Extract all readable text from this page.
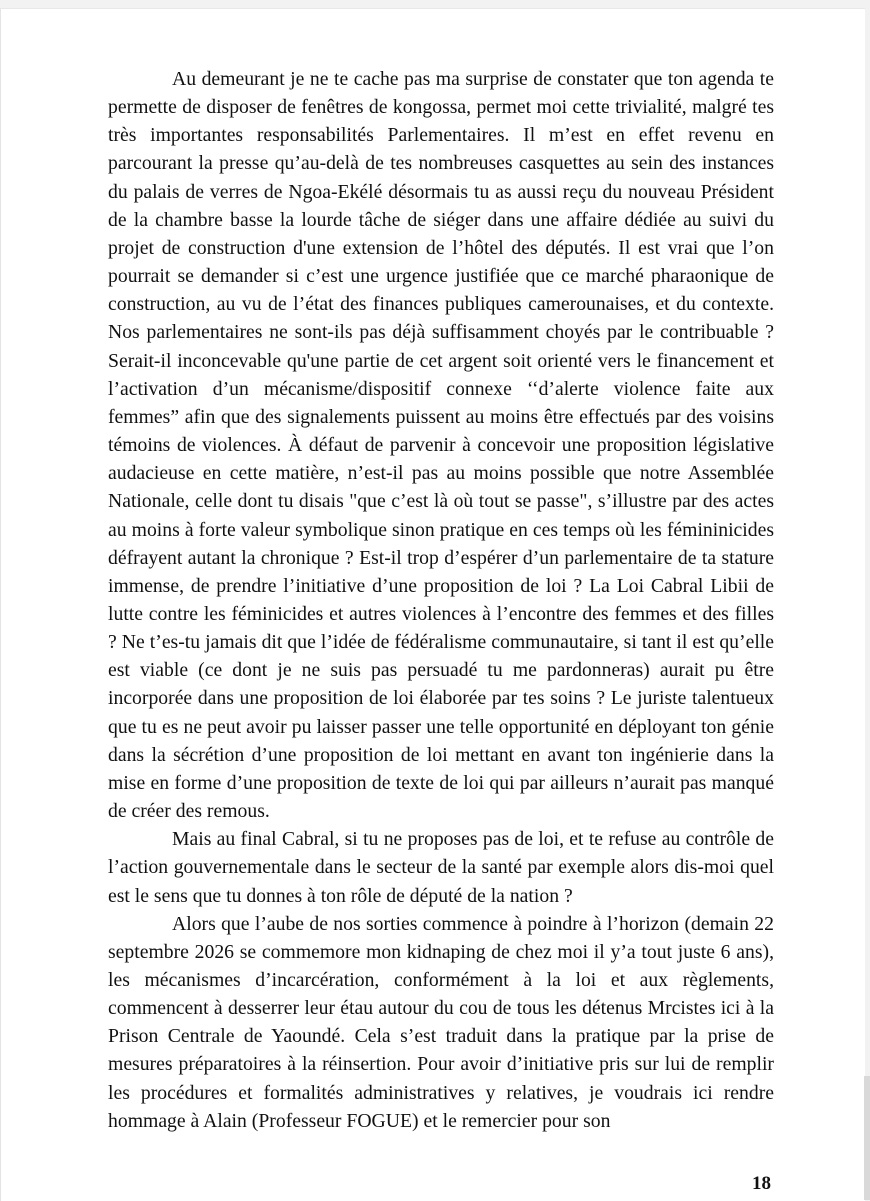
Au demeurant je ne te cache pas ma surprise de constater que ton agenda te permette de disposer de fenêtres de kongossa, permet moi cette trivialité, malgré tes très importantes responsabilités Parlementaires. Il m’est en effet revenu en parcourant la presse qu’au-delà de tes nombreuses casquettes au sein des instances du palais de verres de Ngoa-Ekélé désormais tu as aussi reçu du nouveau Président de la chambre basse la lourde tâche de siéger dans une affaire dédiée au suivi du projet de construction d'une extension de l’hôtel des députés. Il est vrai que l’on pourrait se demander si c’est une urgence justifiée que ce marché pharaonique de construction, au vu de l’état des finances publiques camerounaises, et du contexte. Nos parlementaires ne sont-ils pas déjà suffisamment choyés par le contribuable ? Serait-il inconcevable qu'une partie de cet argent soit orienté vers le financement et l’activation d’un mécanisme/dispositif connexe ‘‘d’alerte violence faite aux femmes” afin que des signalements puissent au moins être effectués par des voisins témoins de violences. À défaut de parvenir à concevoir une proposition législative audacieuse en cette matière, n’est-il pas au moins possible que notre Assemblée Nationale, celle dont tu disais "que c’est là où tout se passe", s’illustre par des actes au moins à forte valeur symbolique sinon pratique en ces temps où les fémininicides défrayent autant la chronique ? Est-il trop d’espérer d’un parlementaire de ta stature immense, de prendre l’initiative d’une proposition de loi ? La Loi Cabral Libii de lutte contre les féminicides et autres violences à l’encontre des femmes et des filles ? Ne t’es-tu jamais dit que l’idée de fédéralisme communautaire, si tant il est qu’elle est viable (ce dont je ne suis pas persuadé tu me pardonneras) aurait pu être incorporée dans une proposition de loi élaborée par tes soins ? Le juriste talentueux que tu es ne peut avoir pu laisser passer une telle opportunité en déployant ton génie dans la sécrétion d’une proposition de loi mettant en avant ton ingénierie dans la mise en forme d’une proposition de texte de loi qui par ailleurs n’aurait pas manqué de créer des remous.

Mais au final Cabral, si tu ne proposes pas de loi, et te refuse au contrôle de l’action gouvernementale dans le secteur de la santé par exemple alors dis-moi quel est le sens que tu donnes à ton rôle de député de la nation ?

Alors que l’aube de nos sorties commence à poindre à l’horizon (demain 22 septembre 2026 se commemore mon kidnaping de chez moi il y’a tout juste 6 ans), les mécanismes d’incarcération, conformément à la loi et aux règlements, commencent à desserrer leur étau autour du cou de tous les détenus Mrcistes ici à la Prison Centrale de Yaoundé. Cela s’est traduit dans la pratique par la prise de mesures préparatoires à la réinsertion. Pour avoir d’initiative pris sur lui de remplir les procédures et formalités administratives y relatives, je voudrais ici rendre hommage à Alain (Professeur FOGUE) et le remercier pour son

18
